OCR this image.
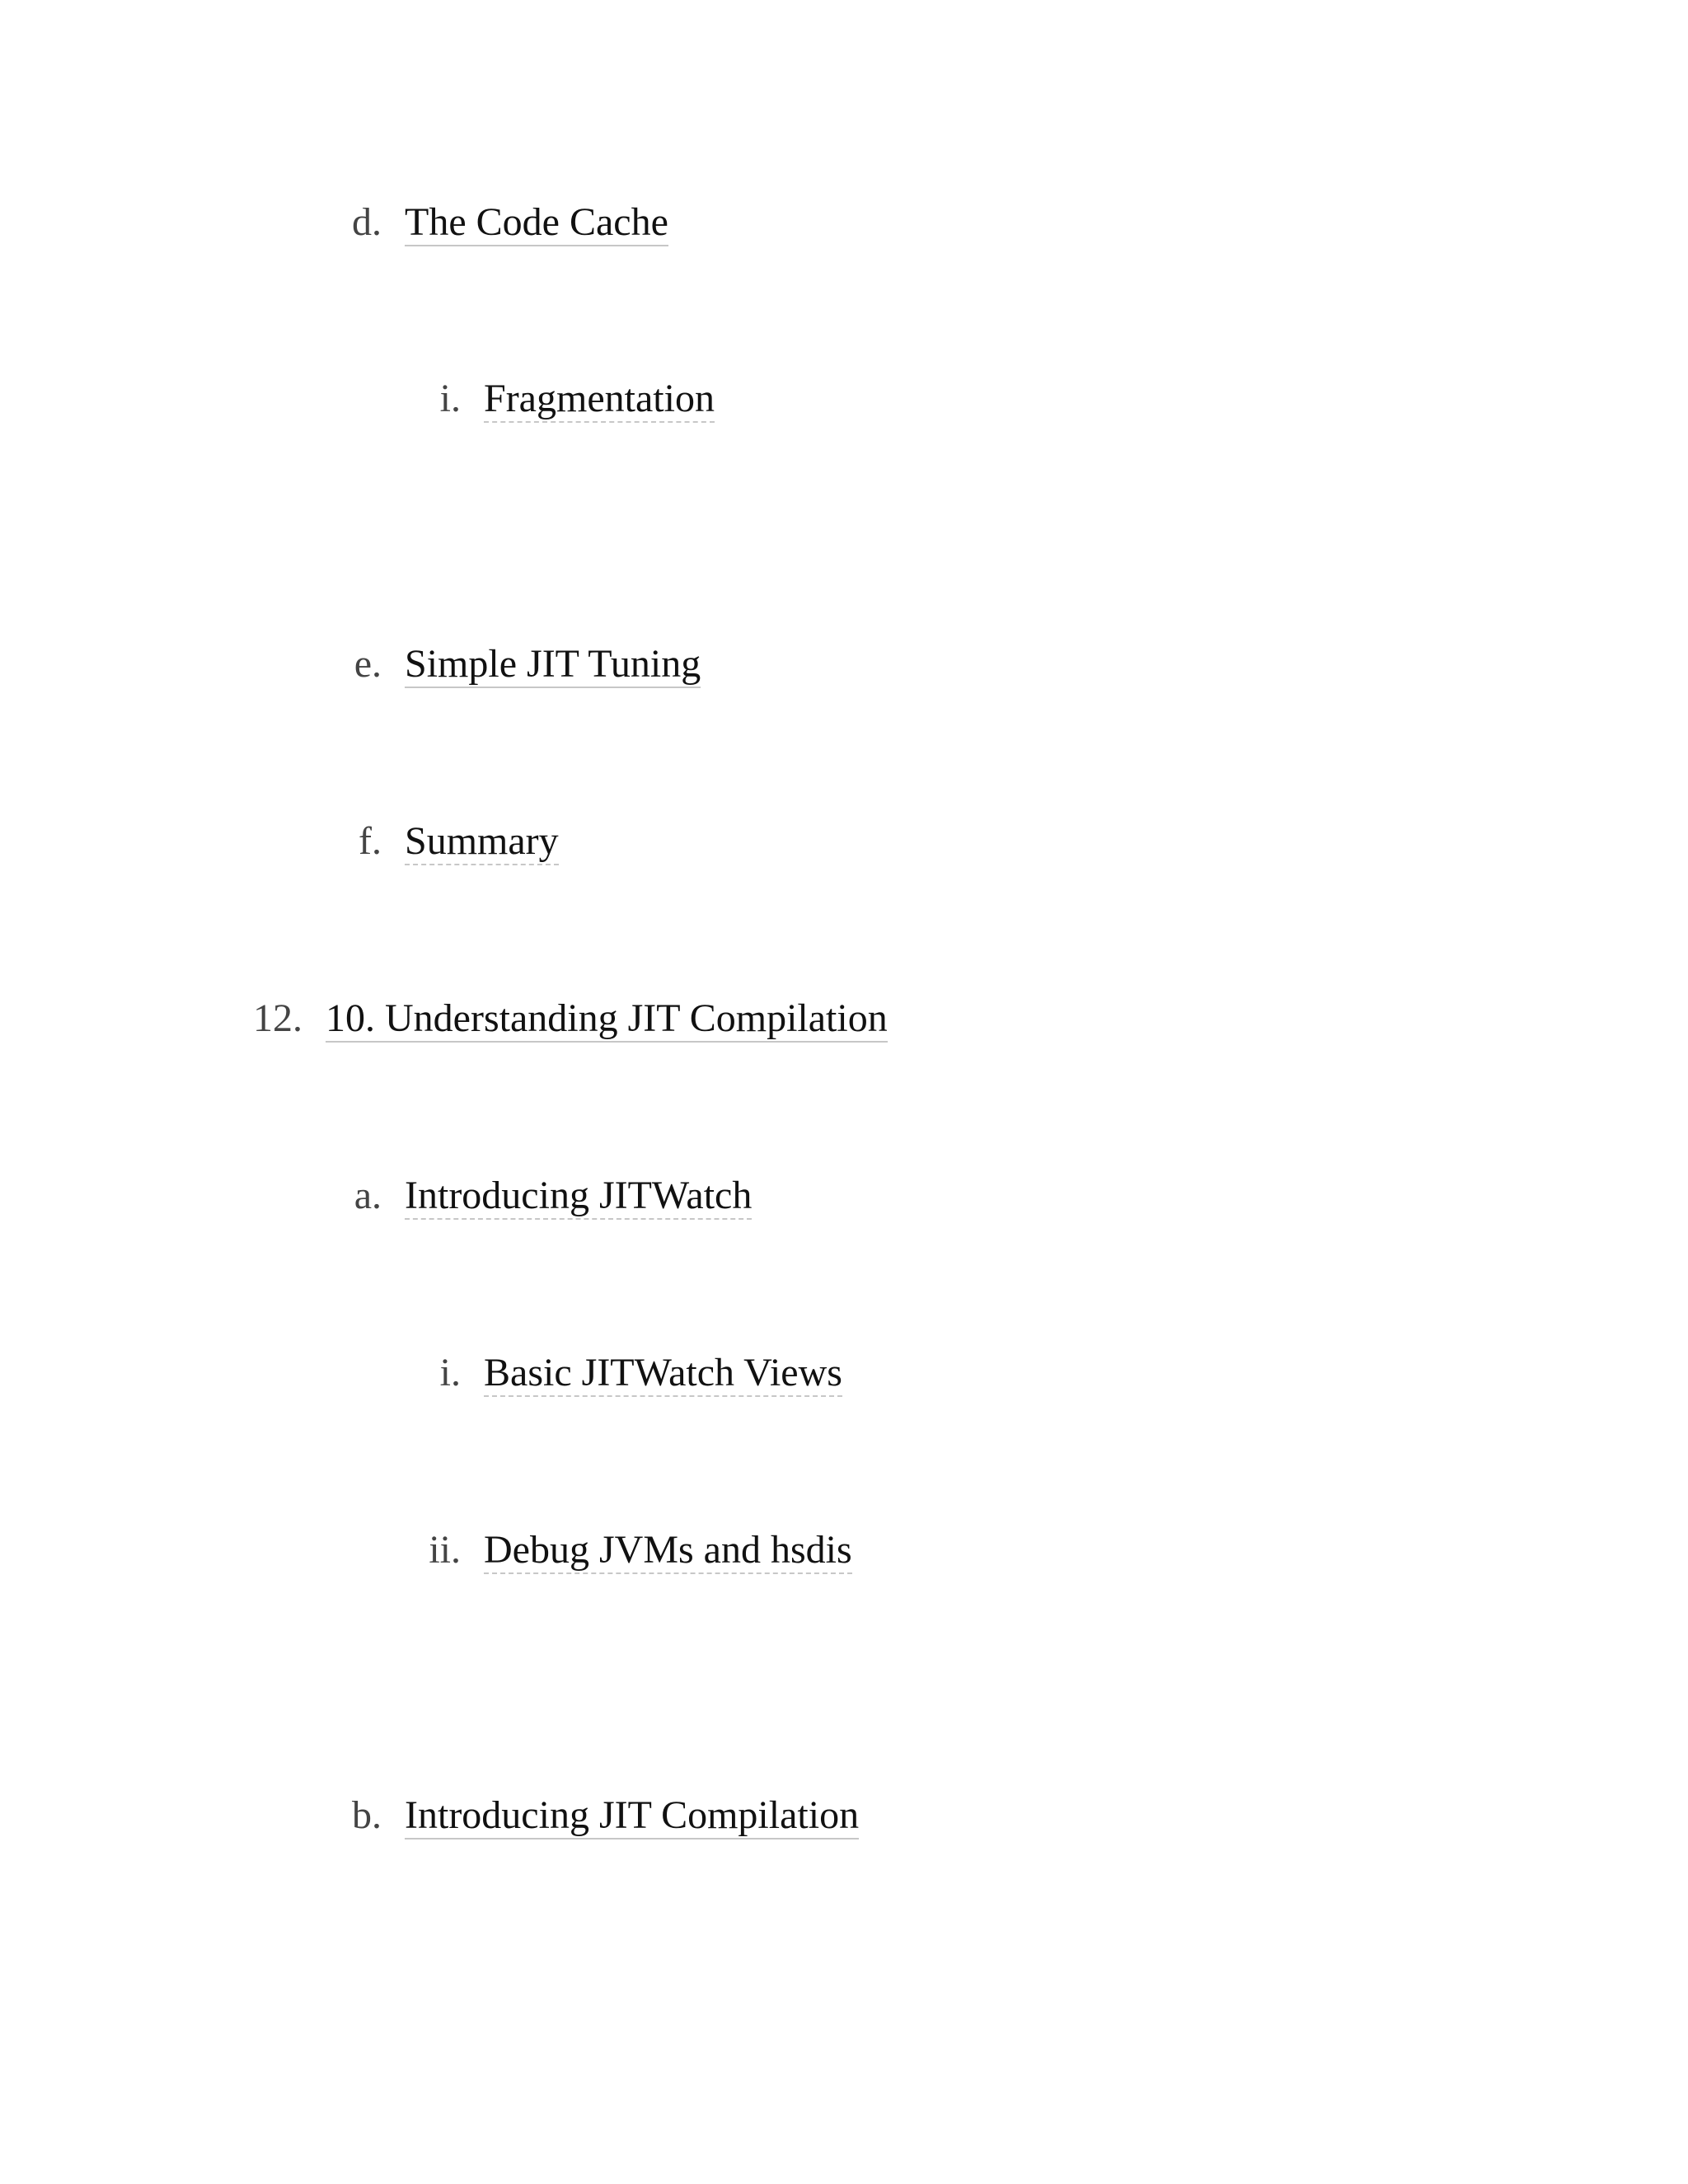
d. The Code Cache
i. Fragmentation
e. Simple JIT Tuning
f. Summary
12. 10. Understanding JIT Compilation
a. Introducing JITWatch
i. Basic JITWatch Views
ii. Debug JVMs and hsdis
b. Introducing JIT Compilation
